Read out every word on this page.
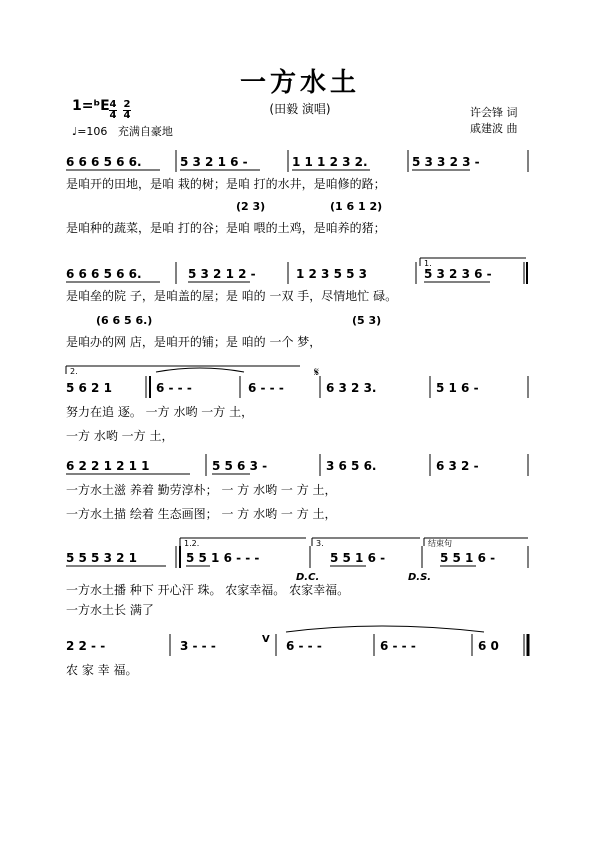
一方水土
(田毅 演唱)
1=ᵇE 4
4
2
4
♩=106 充满自豪地
许会锋 词
戚建波 曲
6 6 6 5 6 6.	5 3 2 1 6 -	1 1 1 2 3 2.	5 3 3 2 3 -
是咱开的田地，是咱 栽的树；是咱 打的水井，是咱修的路；
(2 3)	(1 6 1 2)
是咱种的蔬菜，是咱 打的谷；是咱 喂的土鸡，是咱养的猪；
1.
6 6 6 5 6 6.	5 3 2 1 2 -	1 2 3 5 5 3	5 3 2 3 6 -
是咱垒的院 子，是咱盖的屋；是 咱的 一双 手，尽情地忙 碌。
(6 6 5 6.)	(5 3)
是咱办的网 店，是咱开的铺；是 咱的 一个 梦，
2.	𝄋
5 6 2 1	6 - - -	6 - - -	6 3 2 3.	5 1 6 -
努力在追 逐。 一方 水哟 一方 土，
一方 水哟 一方 土，
6 2 2 1 2 1 1	5 5 6 3 -	3 6 5 6.	6 3 2 -
一方水土滋 养着 勤劳淳朴； 一 方 水哟 一 方 土，
一方水土描 绘着 生态画图； 一 方 水哟 一 方 土，
1.2.	3.	结束句
5 5 5 3 2 1	5 5 1 6 - - -	5 5 1 6 -	5 5 1 6 -
D.C.	D.S.
一方水土播 种下 开心汗 珠。 农家幸福。 农家幸福。
一方水土长 满了
2 2 - -	3 - - -	6 - - -	6 - - -	6 0
V
农 家 幸 福。
